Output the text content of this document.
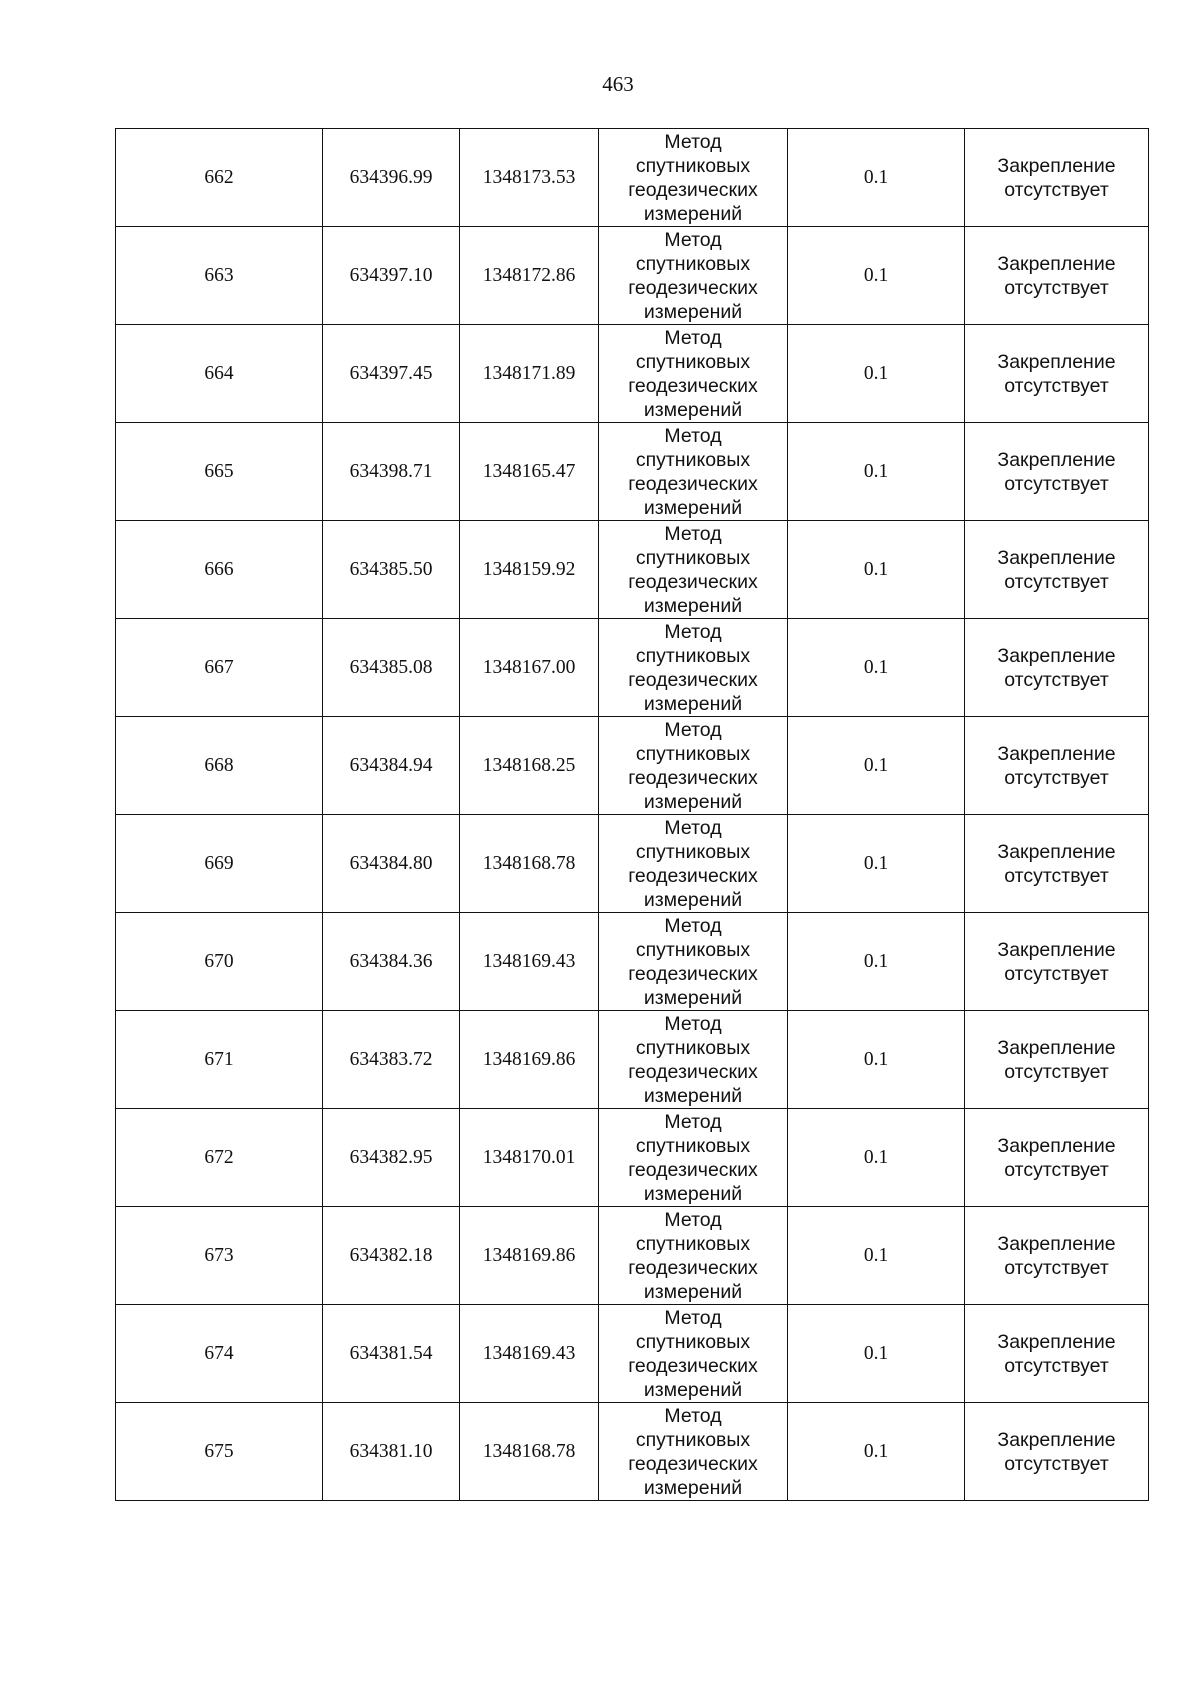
463
662	634396.99	1348173.53	Метод
спутниковых
геодезических
измерений	0.1	Закрепление
отсутствует

663	634397.10	1348172.86	Метод
спутниковых
геодезических
измерений	0.1	Закрепление
отсутствует

664	634397.45	1348171.89	Метод
спутниковых
геодезических
измерений	0.1	Закрепление
отсутствует

665	634398.71	1348165.47	Метод
спутниковых
геодезических
измерений	0.1	Закрепление
отсутствует

666	634385.50	1348159.92	Метод
спутниковых
геодезических
измерений	0.1	Закрепление
отсутствует

667	634385.08	1348167.00	Метод
спутниковых
геодезических
измерений	0.1	Закрепление
отсутствует

668	634384.94	1348168.25	Метод
спутниковых
геодезических
измерений	0.1	Закрепление
отсутствует

669	634384.80	1348168.78	Метод
спутниковых
геодезических
измерений	0.1	Закрепление
отсутствует

670	634384.36	1348169.43	Метод
спутниковых
геодезических
измерений	0.1	Закрепление
отсутствует

671	634383.72	1348169.86	Метод
спутниковых
геодезических
измерений	0.1	Закрепление
отсутствует

672	634382.95	1348170.01	Метод
спутниковых
геодезических
измерений	0.1	Закрепление
отсутствует

673	634382.18	1348169.86	Метод
спутниковых
геодезических
измерений	0.1	Закрепление
отсутствует

674	634381.54	1348169.43	Метод
спутниковых
геодезических
измерений	0.1	Закрепление
отсутствует

675	634381.10	1348168.78	Метод
спутниковых
геодезических
измерений	0.1	Закрепление
отсутствует
